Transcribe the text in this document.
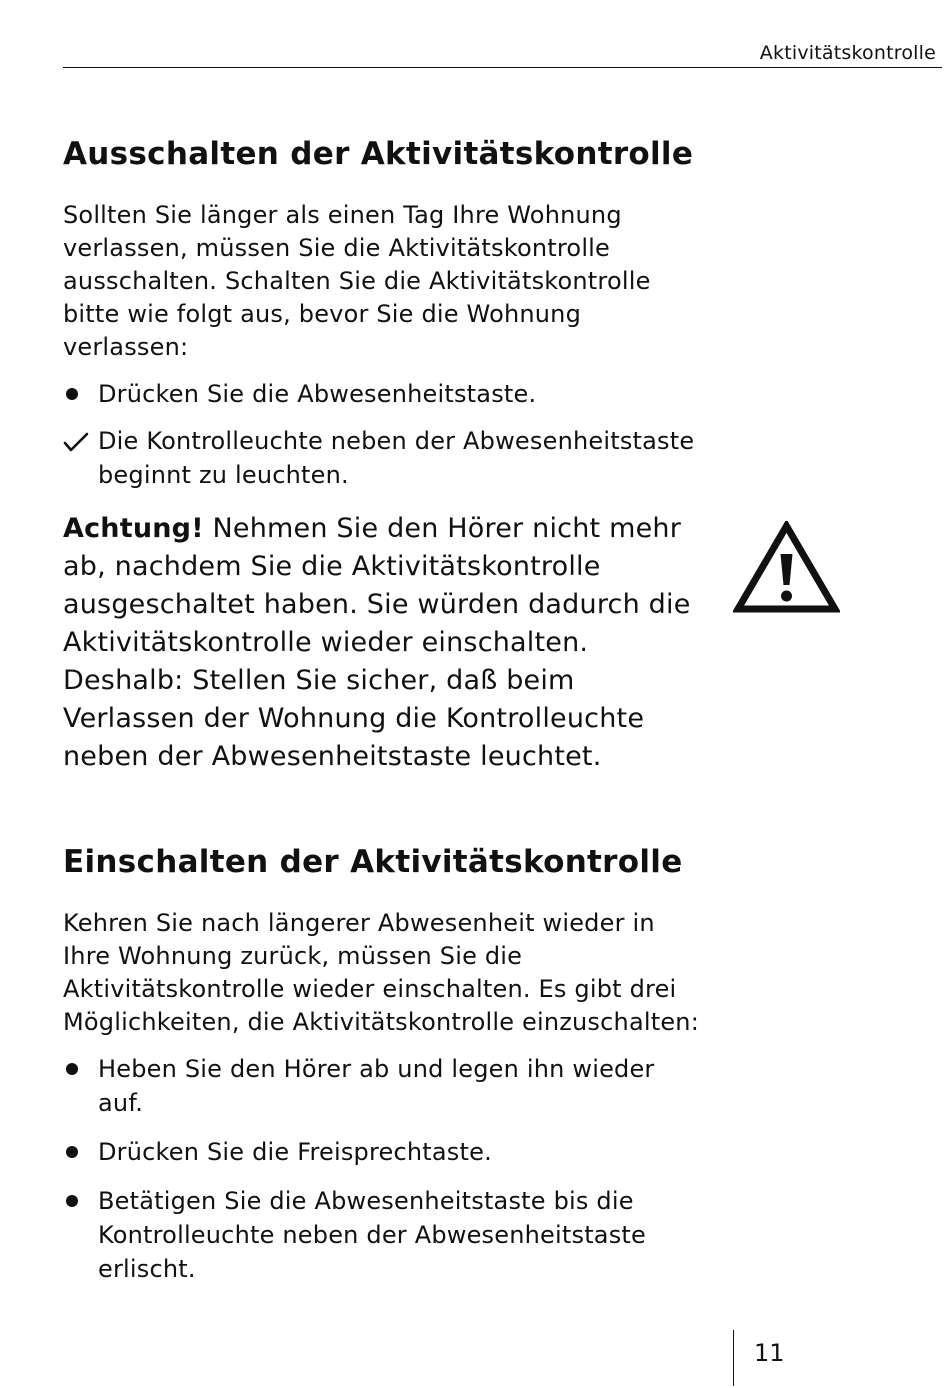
Aktivitätskontrolle
Ausschalten der Aktivitätskontrolle

Sollten Sie länger als einen Tag Ihre Wohnung verlassen, müssen Sie die Aktivitätskontrolle ausschalten. Schalten Sie die Aktivitätskontrolle bitte wie folgt aus, bevor Sie die Wohnung verlassen:

Drücken Sie die Abwesenheitstaste.
Die Kontrolleuchte neben der Abwesenheitstaste beginnt zu leuchten.

Achtung! Nehmen Sie den Hörer nicht mehr ab, nachdem Sie die Aktivitätskontrolle ausgeschaltet haben. Sie würden dadurch die Aktivitätskontrolle wieder einschalten. Deshalb: Stellen Sie sicher, daß beim Verlassen der Wohnung die Kontrolleuchte neben der Abwesenheitstaste leuchtet.

Einschalten der Aktivitätskontrolle

Kehren Sie nach längerer Abwesenheit wieder in Ihre Wohnung zurück, müssen Sie die Aktivitätskontrolle wieder einschalten. Es gibt drei Möglichkeiten, die Aktivitätskontrolle einzuschalten:

Heben Sie den Hörer ab und legen ihn wieder auf.
Drücken Sie die Freisprechtaste.
Betätigen Sie die Abwesenheitstaste bis die Kontrolleuchte neben der Abwesenheitstaste erlischt.
11
